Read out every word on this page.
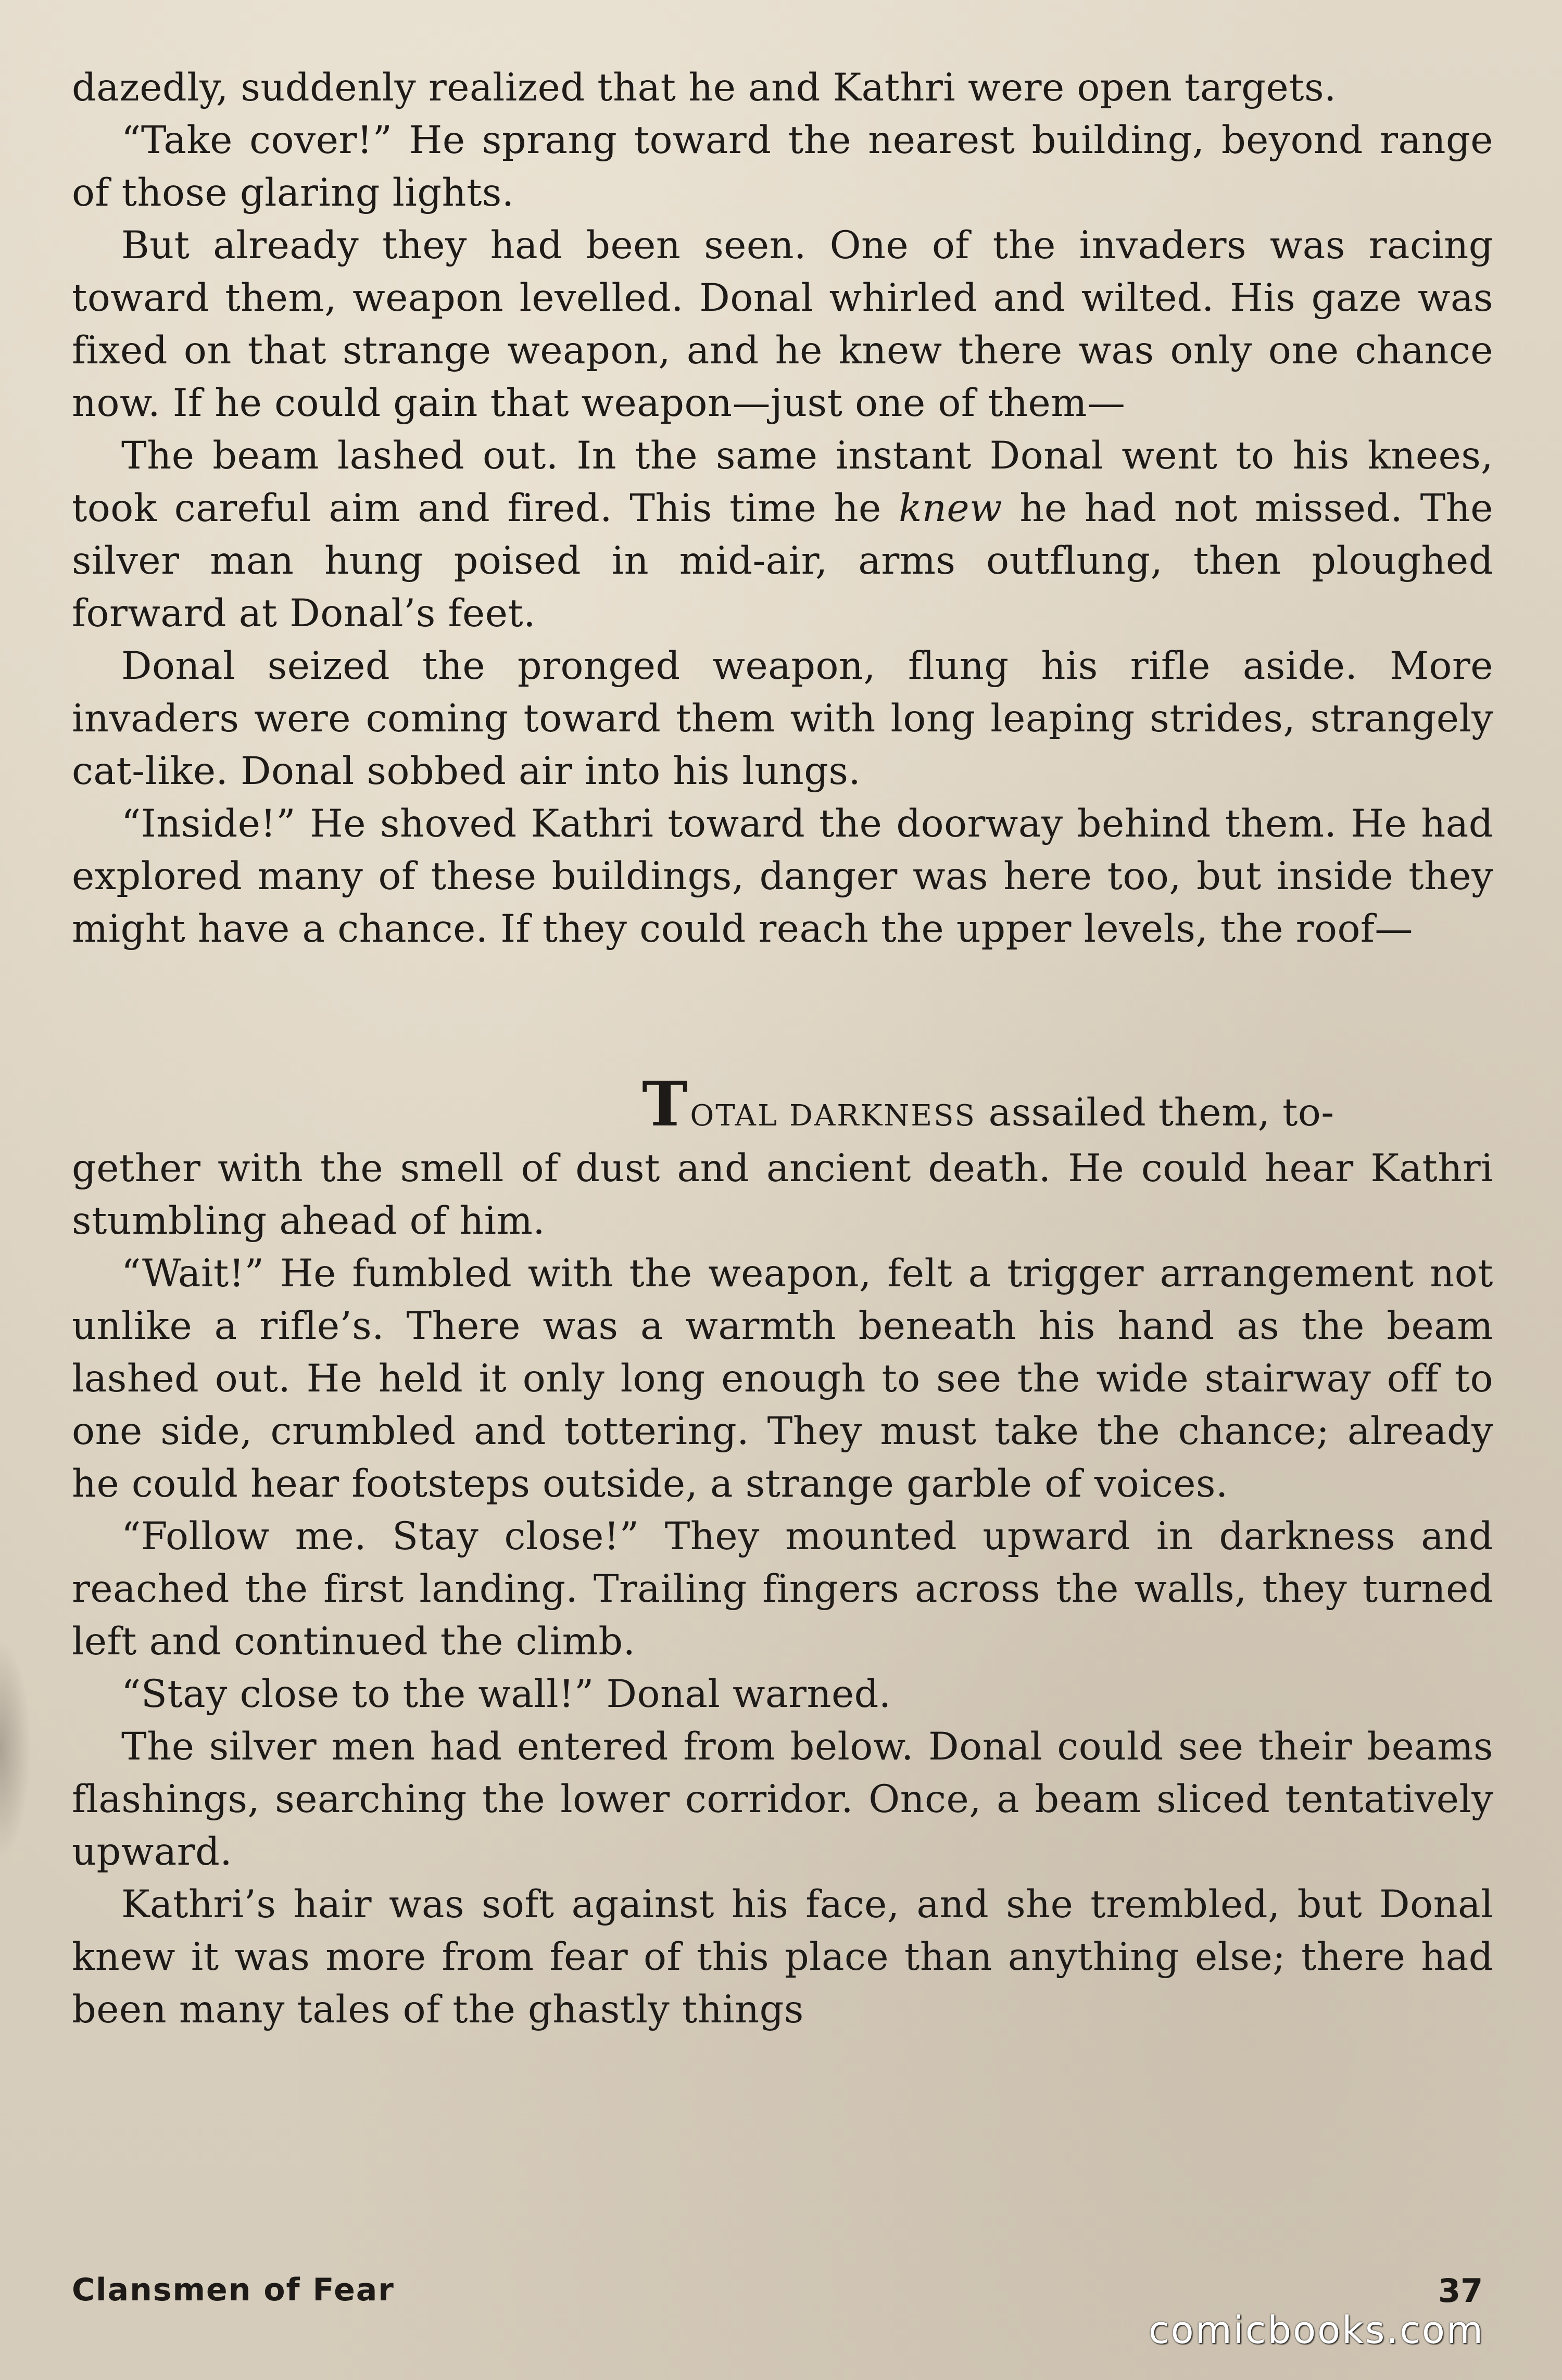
dazedly, suddenly realized that he and Kathri were open targets.

“Take cover!” He sprang toward the nearest building, beyond range of those glaring lights.

But already they had been seen. One of the invaders was racing toward them, weapon levelled. Donal whirled and wilted. His gaze was fixed on that strange weapon, and he knew there was only one chance now. If he could gain that weapon—just one of them—

The beam lashed out. In the same instant Donal went to his knees, took careful aim and fired. This time he knew he had not missed. The silver man hung poised in mid-air, arms outflung, then ploughed forward at Donal’s feet.

Donal seized the pronged weapon, flung his rifle aside. More invaders were coming toward them with long leaping strides, strangely cat-like. Donal sobbed air into his lungs.

“Inside!” He shoved Kathri toward the doorway behind them. He had explored many of these buildings, danger was here too, but inside they might have a chance. If they could reach the upper levels, the roof—

TOTAL DARKNESS assailed them, to-
gether with the smell of dust and ancient death. He could hear Kathri stumbling ahead of him.

“Wait!” He fumbled with the weapon, felt a trigger arrangement not unlike a rifle’s. There was a warmth beneath his hand as the beam lashed out. He held it only long enough to see the wide stairway off to one side, crumbled and tottering. They must take the chance; already he could hear footsteps outside, a strange garble of voices.

“Follow me. Stay close!” They mounted upward in darkness and reached the first landing. Trailing fingers across the walls, they turned left and continued the climb.

“Stay close to the wall!” Donal warned.

The silver men had entered from below. Donal could see their beams flashings, searching the lower corridor. Once, a beam sliced tentatively upward.

Kathri’s hair was soft against his face, and she trembled, but Donal knew it was more from fear of this place than anything else; there had been many tales of the ghastly things

Clansmen of Fear	37
comicbooks.com
